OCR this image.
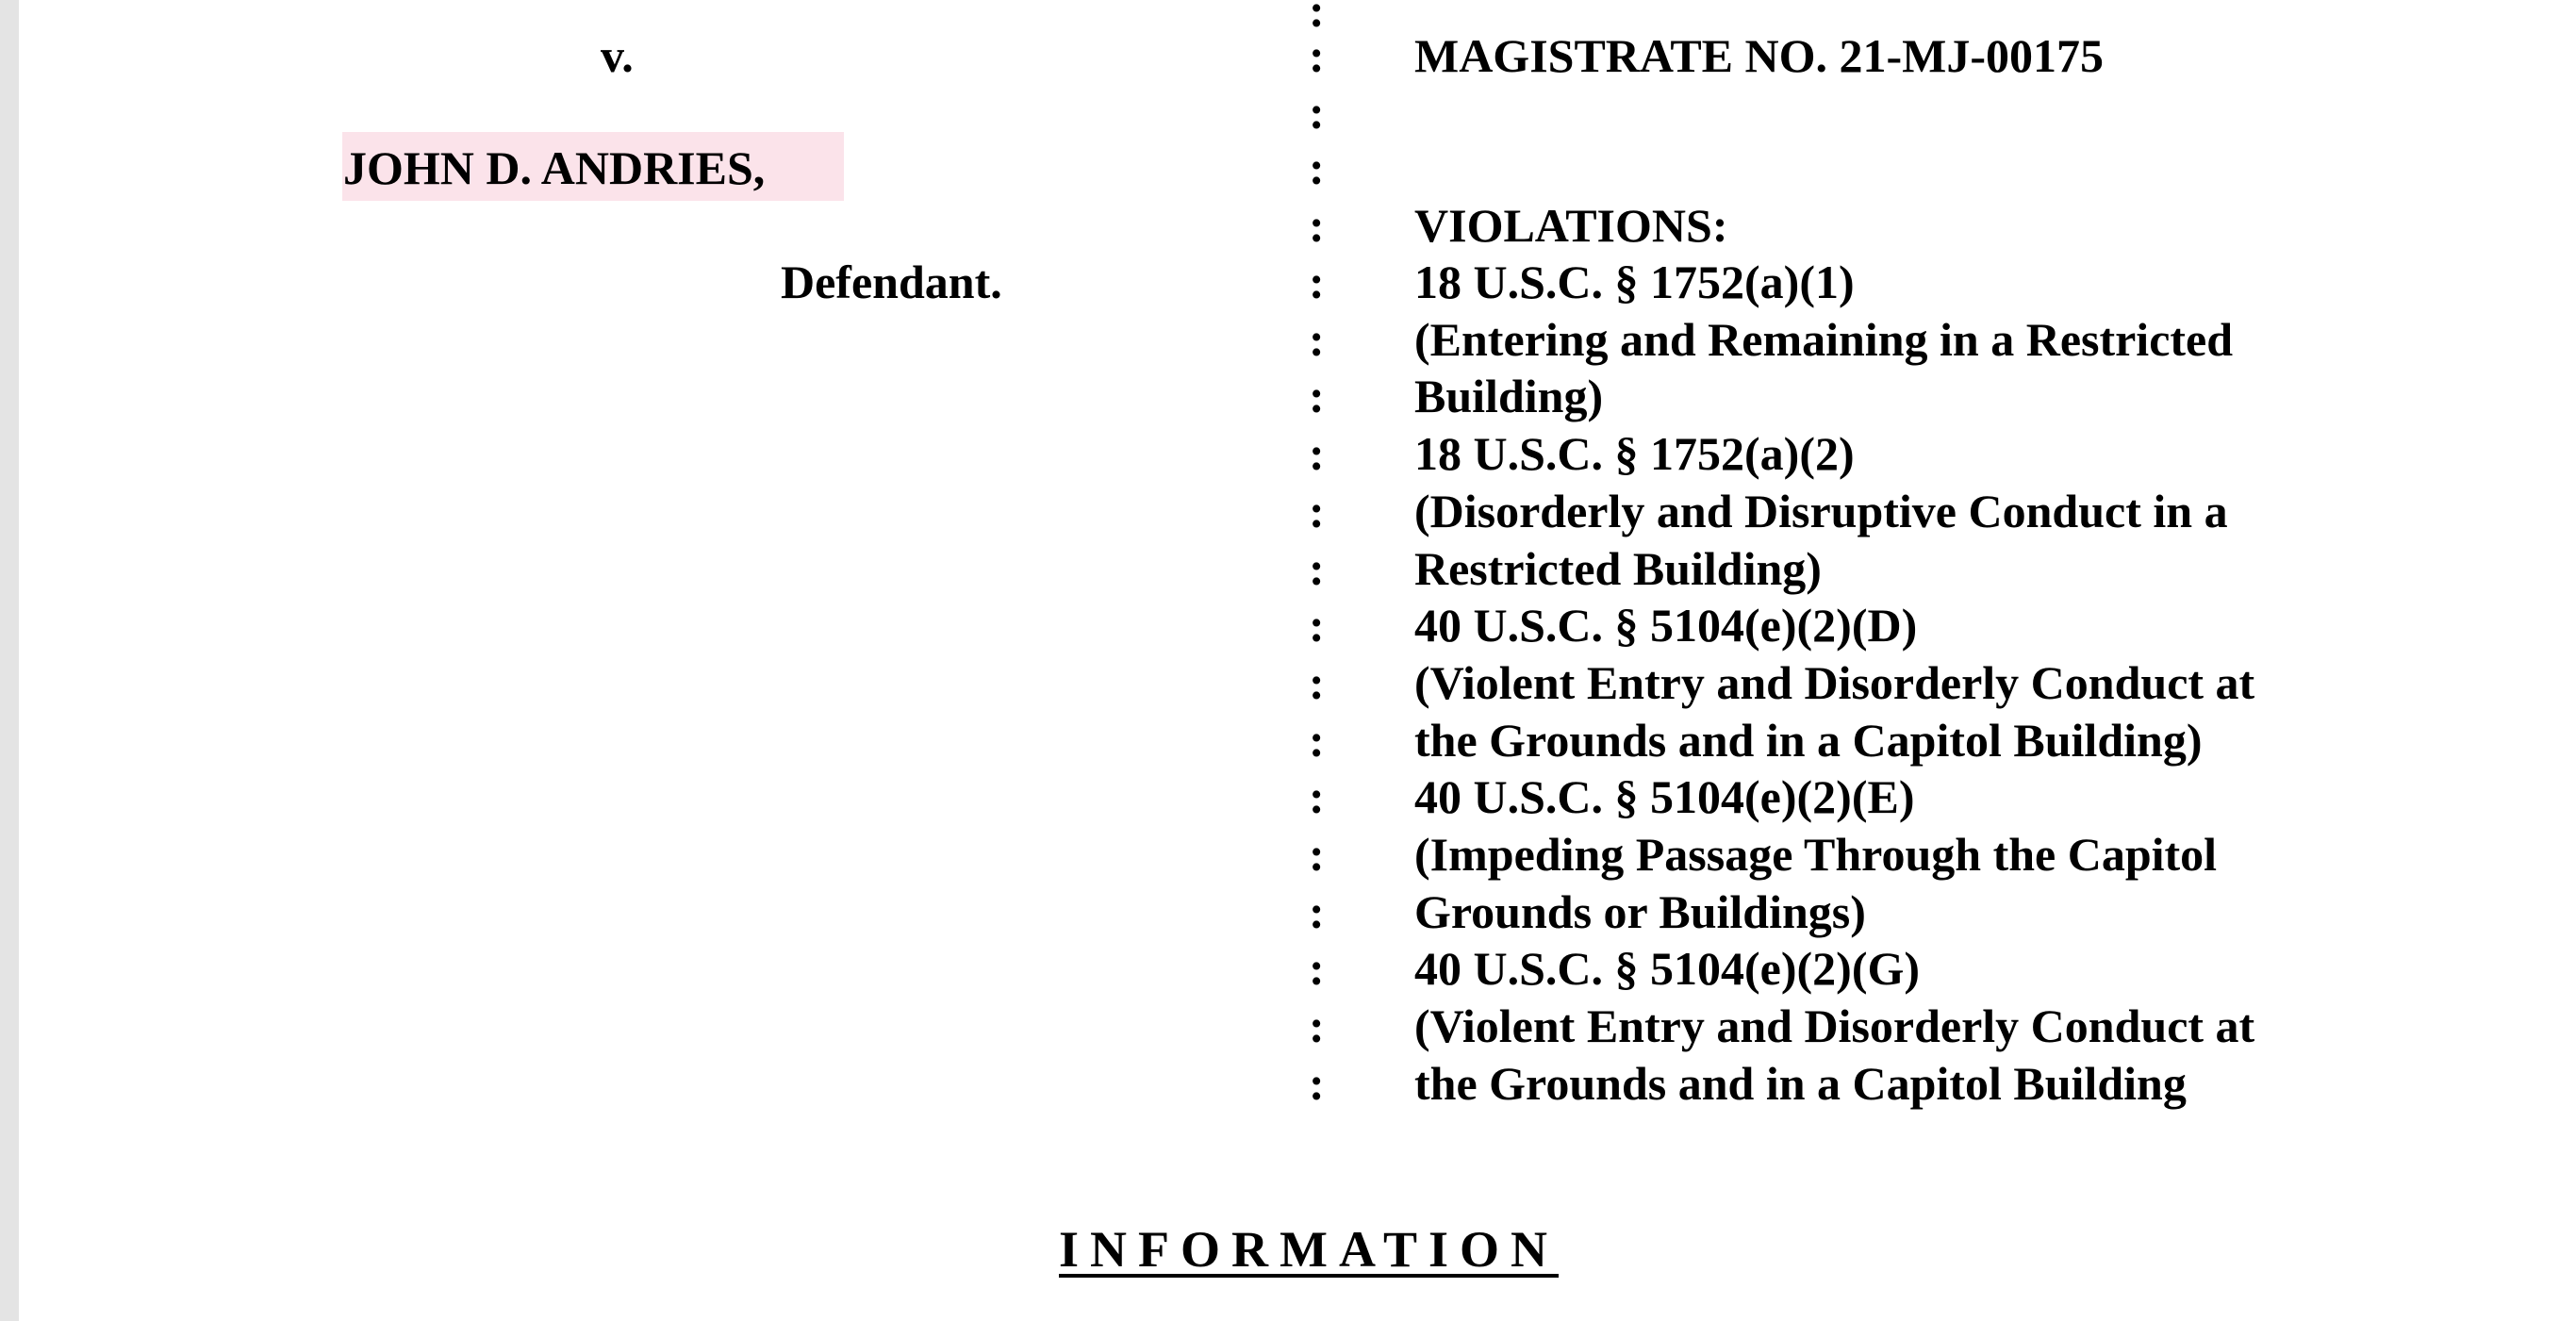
v.
JOHN D. ANDRIES,
Defendant.
:
:
:
:
:
:
:
:
:
:
:
:
:
:
:
:
:
:
:
:
MAGISTRATE NO. 21-MJ-00175
VIOLATIONS:
18 U.S.C. § 1752(a)(1)
(Entering and Remaining in a Restricted
Building)
18 U.S.C. § 1752(a)(2)
(Disorderly and Disruptive Conduct in a
Restricted Building)
40 U.S.C. § 5104(e)(2)(D)
(Violent Entry and Disorderly Conduct at
the Grounds and in a Capitol Building)
40 U.S.C. § 5104(e)(2)(E)
(Impeding Passage Through the Capitol
Grounds or Buildings)
40 U.S.C. § 5104(e)(2)(G)
(Violent Entry and Disorderly Conduct at
the Grounds and in a Capitol Building
INFORMATION
